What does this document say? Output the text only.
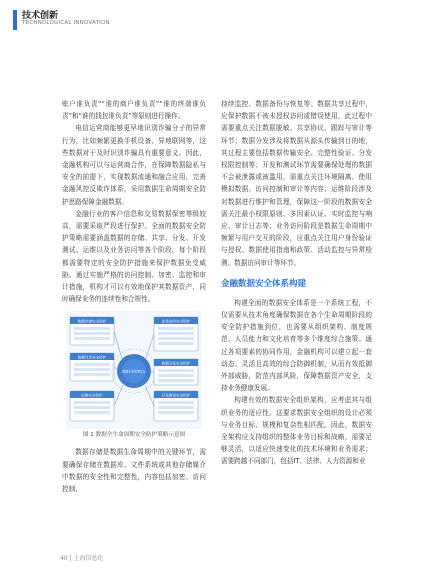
技术创新
TECHNOLOGICAL INNOVATION

账户谁负责”“谁的商户谁负责”“谁的终端谁负责”和“谁的钱包谁负责”等原则进行操作。

电信运营商能够更早地识别诈骗分子的异常行为，比如频繁更换手机设备、异地联网等，这些数据对于及时识别诈骗具有重要意义。因此，金融机构可以与运营商合作，在保障数据隐私与安全的前提下，实现数据流通和融合应用，完善金融风控反欺诈体系，采用数据生命周期安全防护思路保障金融数据。

金融行业的客户信息和交易数据保密等级较高，需要采取严段进行保护。全面的数据安全防护策略需要涵盖数据的存储、共享、分发、开发测试、运维以及业务访问等各个阶段，每个阶段都需要特定的安全防护措施来保护数据免受威胁。通过实施严格的访问控制、加密、监控和审计措施，机构才可以有效地保护其数据资产，同时确保业务的连续性和合规性。

数据存储安全防护
数据共享安全防护
运维安全防护
数据生命周期安全
业务访问安全防护
数据分发安全防护
开发测试安全防护

图 1 数据全生命周期安全防护策略示意图

数据存储是数据生命周期中的关键环节，需要确保存储在数据库、文件系统或其他存储媒介中数据的安全性和完整性，内容包括加密、访问控制、

持续监控、数据备份与恢复等；数据共享过程中，应保护数据不被未授权访问或错误使用，此过程中需要重点关注数据脱敏、共享协议、跟踪与审计等环节；数据分发涉及将数据从源头传输到目的地，其过程主要包括数据传输安全、完整性验证、分发权限控制等；开发和测试环节需要确保处理的数据不会被泄露或被滥用，需重点关注环境隔离、使用模拟数据、访问控制和审计等内容；运维阶段涉及对数据进行维护和管理，保障这一阶段的数据安全需关注最小权限原则、多因素认证、实时监控与响应、审计日志等；业务访问阶段是数据生命周期中频繁与用户交互的阶段，应重点关注用户身份验证与授权、数据使用指南和政策、活动监控与异常检测、数据访问审计等环节。

金融数据安全体系构建

构建全面的数据安全体系是一个系统工程，不仅需要从技术角度确保数据在各个生命周期阶段的安全防护措施到位，也需要从组织架构、制度规范、人员能力和文化培育等多个维度综合施策。通过各项要素的协同作用，金融机构可以建立起一套动态、灵活且高效的综合防御机制，从而有效抵御外部威胁，防范内部风险，保障数据资产安全，支持业务健康发展。

构建有效的数据安全组织架构，应考虑其与组织业务的适应性。这要求数据安全组织的设计必须与业务目标、规模和复杂性相匹配。因此，数据安全架构应支持组织的整体业务目标和战略，需要足够灵活，以适应快速变化的技术环境和业务需求；需要跨越不同部门，包括IT、法律、人力资源和业

40 | 上海信息化
